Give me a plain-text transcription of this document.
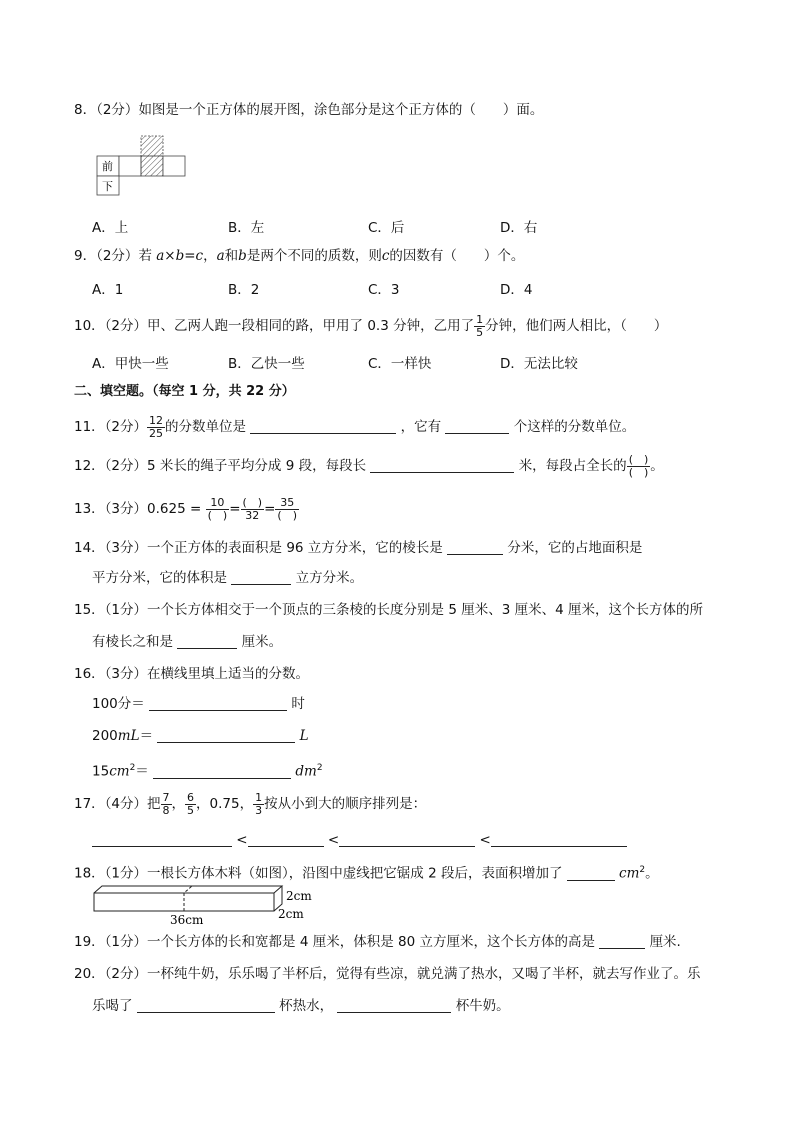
8．（2分）如图是一个正方体的展开图，涂色部分是这个正方体的（　　）面。
前
下
A．上	B．左	C．后	D．右
9．（2分）若 a×b=c，a和b是两个不同的质数，则c的因数有（　　）个。
A．1	B．2	C．3	D．4
10．（2分）甲、乙两人跑一段相同的路，甲用了 0.3 分钟，乙用了 $\frac{1}{5}$ 分钟，他们两人相比，（　　）
A．甲快一些	B．乙快一些	C．一样快	D．无法比较
二、填空题。（每空 1 分，共 22 分）
11．（2分） $\frac{12}{25}$ 的分数单位是	，它有	个这样的分数单位。
12．（2分）5 米长的绳子平均分成 9 段，每段长	米，每段占全长的 $\frac{( )}{( )}$ 。
13．（3分）$0.625 = \frac{10}{( )} = \frac{( )}{32} = \frac{35}{( )}$
14．（3分）一个正方体的表面积是 96 立方分米，它的棱长是	分米，它的占地面积是
平方分米，它的体积是	立方分米。
15．（1分）一个长方体相交于一个顶点的三条棱的长度分别是 5 厘米、3 厘米、4 厘米，这个长方体的所
有棱长之和是	厘米。
16．（3分）在横线里填上适当的分数。
100分＝	时
200mL＝	L
$15cm^2=$	$dm^2$
17．（4分）把 $\frac{7}{8}$ ， $\frac{6}{5}$ ，0.75， $\frac{1}{3}$ 按从小到大的顺序排列是：
<	<	<
18．（1分）一根长方体木料（如图），沿图中虚线把它锯成 2 段后，表面积增加了	$cm^2$。
36cm
2cm
2cm
19．（1分）一个长方体的长和宽都是 4 厘米，体积是 80 立方厘米，这个长方体的高是	厘米.
20．（2分）一杯纯牛奶，乐乐喝了半杯后，觉得有些凉，就兑满了热水，又喝了半杯，就去写作业了。乐
乐喝了	杯热水，	杯牛奶。
